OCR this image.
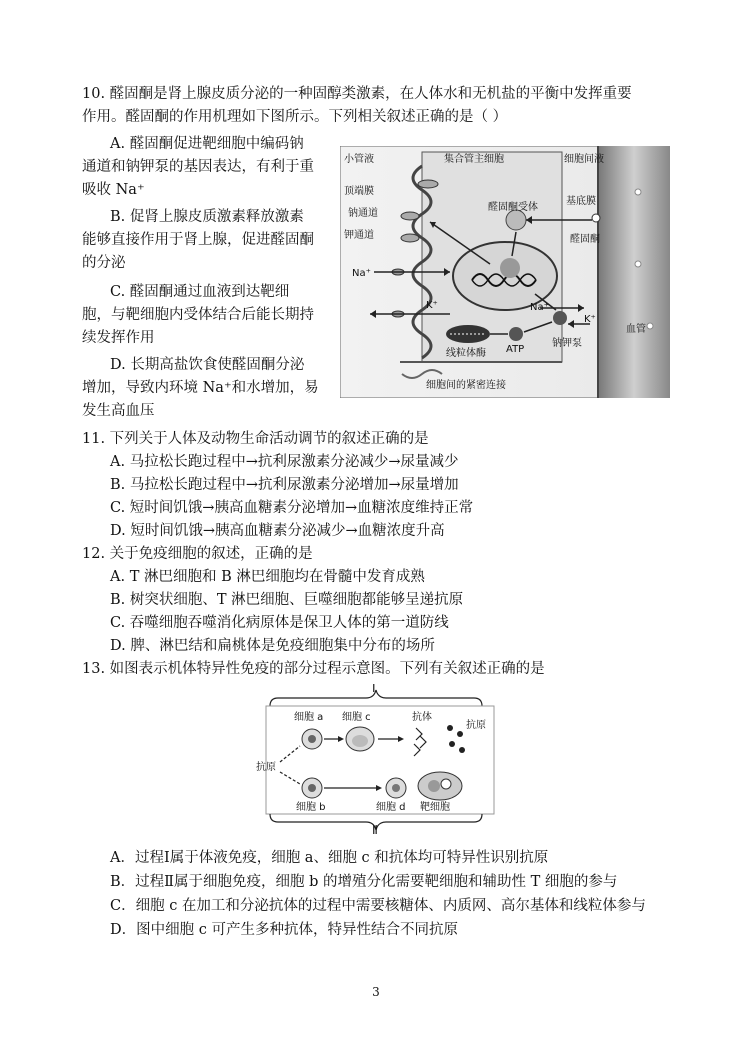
10. 醛固酮是肾上腺皮质分泌的一种固醇类激素，在人体水和无机盐的平衡中发挥重要
作用。醛固酮的作用机理如下图所示。下列相关叙述正确的是（ ）
A. 醛固酮促进靶细胞中编码钠
通道和钠钾泵的基因表达，有利于重
吸收 Na⁺
B. 促肾上腺皮质激素释放激素
能够直接作用于肾上腺，促进醛固酮
的分泌
C. 醛固酮通过血液到达靶细
胞，与靶细胞内受体结合后能长期持
续发挥作用
D. 长期高盐饮食使醛固酮分泌
增加，导致内环境 Na⁺和水增加，易
发生高血压
小管液	集合管主细胞	细胞间液
顶端膜
基底膜
钠通道
钾通道
醛固酮受体
醛固酮
Na⁺
K⁺	Na⁺
K⁺
线粒体酶 ATP
钠钾泵
血管
细胞间的紧密连接
11. 下列关于人体及动物生命活动调节的叙述正确的是
A. 马拉松长跑过程中→抗利尿激素分泌减少→尿量减少
B. 马拉松长跑过程中→抗利尿激素分泌增加→尿量增加
C. 短时间饥饿→胰高血糖素分泌增加→血糖浓度维持正常
D. 短时间饥饿→胰高血糖素分泌减少→血糖浓度升高
12. 关于免疫细胞的叙述，正确的是
A. T 淋巴细胞和 B 淋巴细胞均在骨髓中发育成熟
B. 树突状细胞、T 淋巴细胞、巨噬细胞都能够呈递抗原
C. 吞噬细胞吞噬消化病原体是保卫人体的第一道防线
D. 脾、淋巴结和扁桃体是免疫细胞集中分布的场所
13. 如图表示机体特异性免疫的部分过程示意图。下列有关叙述正确的是
Ⅰ
Ⅱ
细胞 a 细胞 c	抗体
抗原
抗原
细胞 b	细胞 d 靶细胞
A．过程Ⅰ属于体液免疫，细胞 a、细胞 c 和抗体均可特异性识别抗原
B．过程Ⅱ属于细胞免疫，细胞 b 的增殖分化需要靶细胞和辅助性 T 细胞的参与
C．细胞 c 在加工和分泌抗体的过程中需要核糖体、内质网、高尔基体和线粒体参与
D．图中细胞 c 可产生多种抗体，特异性结合不同抗原
3
